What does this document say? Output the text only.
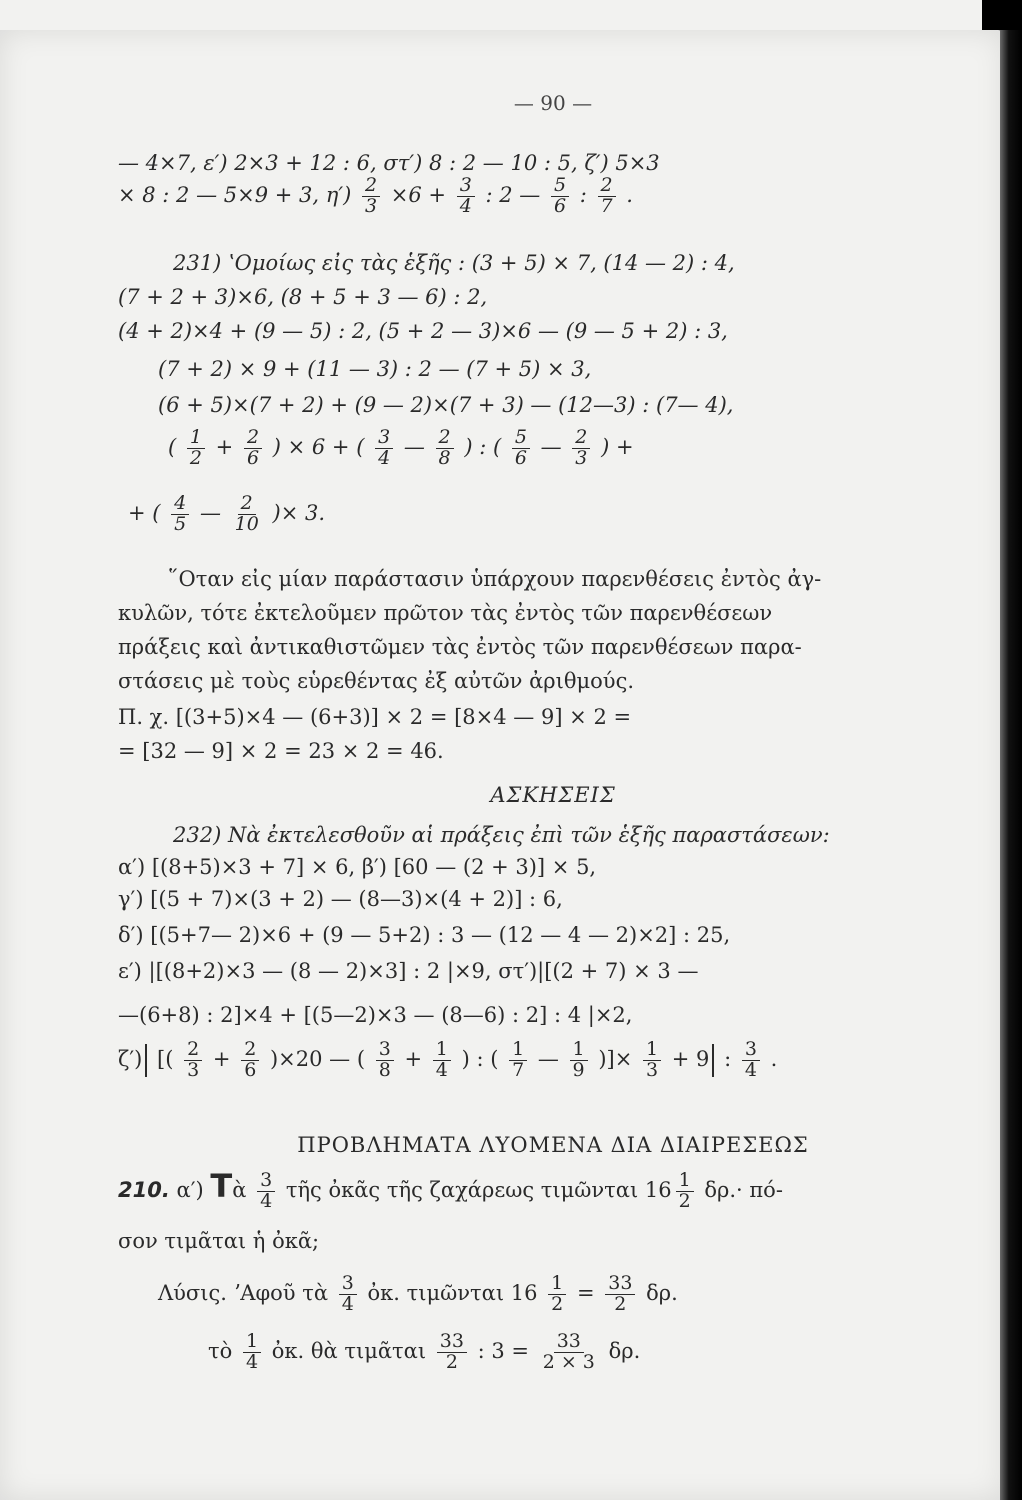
— 90 —
— 4×7, ε′) 2×3 + 12 : 6, στ′) 8 : 2 — 10 : 5, ζ′) 5×3
× 8 : 2 — 5×9 + 3, $\eta') \frac{2}{3} \times 6 + \frac{3}{4}$ : 2 — $\frac{5}{6}$ : $\frac{2}{7}$ .
231) ʽΟμοίως εἰς τὰς ἑξῆς : (3 + 5) × 7, (14 — 2) : 4,
(7 + 2 + 3)×6, (8 + 5 + 3 — 6) : 2,
(4 + 2)×4 + (9 — 5) : 2, (5 + 2 — 3)×6 — (9 — 5 + 2) : 3,
(7 + 2) × 9 + (11 — 3) : 2 — (7 + 5) × 3,
(6 + 5)×(7 + 2) + (9 — 2)×(7 + 3) — (12—3) : (7— 4),
( $\frac{1}{2} + \frac{2}{6}$ ) × 6 + ( $\frac{3}{4}$ — $\frac{2}{8}$ ) : ( $\frac{5}{6}$ — $\frac{2}{3}$ ) +
+ ( $\frac{4}{5}$ — $\frac{2}{10}$ )× 3.
῞Οταν εἰς μίαν παράστασιν ὑπάρχουν παρενθέσεις ἐντὸς ἀγ-
κυλῶν, τότε ἐκτελοῦμεν πρῶτον τὰς ἐντὸς τῶν παρενθέσεων
πράξεις καὶ ἀντικαθιστῶμεν τὰς ἐντὸς τῶν παρενθέσεων παρα-
στάσεις μὲ τοὺς εὑρεθέντας ἐξ αὐτῶν ἀριθμούς.
Π. χ. [(3+5)×4 — (6+3)] × 2 = [8×4 — 9] × 2 =
= [32 — 9] × 2 = 23 × 2 = 46.
ΑΣΚΗΣΕΙΣ
232) Νὰ ἐκτελεσθοῦν αἱ πράξεις ἐπὶ τῶν ἑξῆς παραστάσεων:
α′) [(8+5)×3 + 7] × 6, β′) [60 — (2 + 3)] × 5,
γ′) [(5 + 7)×(3 + 2) — (8—3)×(4 + 2)] : 6,
δ′) [(5+7— 2)×6 + (9 — 5+2) : 3 — (12 — 4 — 2)×2] : 25,
ε′) |[(8+2)×3 — (8 — 2)×3] : 2 |×9, στ′)|[(2 + 7) × 3 —
—(6+8) : 2]×4 + [(5—2)×3 — (8—6) : 2] : 4 |×2,
ζ′) [( $\frac{2}{3} + \frac{2}{6} )\times 20$ — ( $\frac{3}{8} + \frac{1}{4}$ ) : ( $\frac{1}{7}$ — $\frac{1}{9}$ )]× $\frac{1}{3} + 9$ : $\frac{3}{4}$ .
ΠΡΟΒΛΗΜΑΤΑ ΛΥΟΜΕΝΑ ΔΙΑ ΔΙΑΙΡΕΣΕΩΣ
210. α′) Τὰ $\frac{3}{4}$ τῆς ὀκᾶς τῆς ζαχάρεως τιμῶνται $16 \frac{1}{2} \delta\rho.\cdot \pi ό-$
σον τιμᾶται ἡ ὀκᾶ;
Λύσις. ʼΑφοῦ τὰ $\frac{3}{4}$ ὀκ. τιμῶνται $16 \frac{1}{2} = \frac{33}{2} \delta\rho$.
τὸ $\frac{1}{4}$ ὀκ. θὰ τιμᾶται $\frac{33}{2}$ : $3 = \frac{33}{2 \times 3} \delta\rho$.
